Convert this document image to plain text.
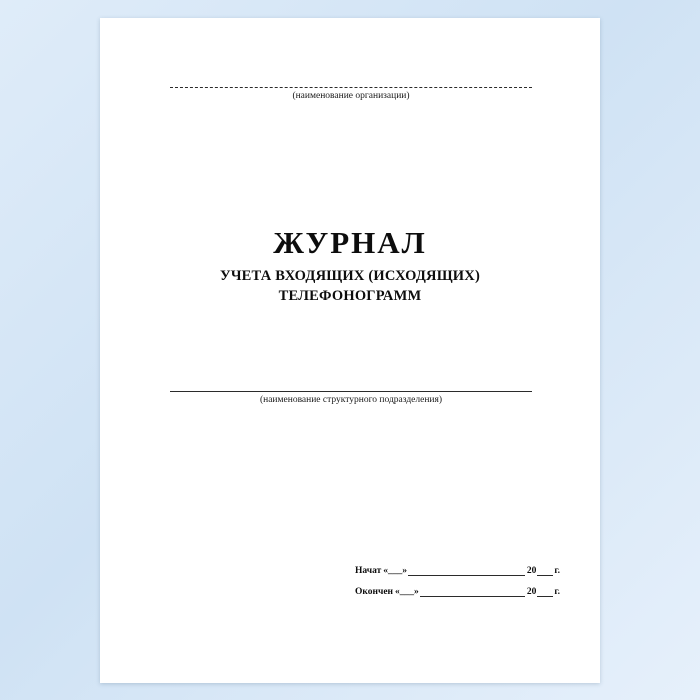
(наименование организации)
ЖУРНАЛ
УЧЕТА ВХОДЯЩИХ (ИСХОДЯЩИХ)
ТЕЛЕФОНОГРАММ
(наименование структурного подразделения)
Начат «___»	20 г.
Окончен «___»	20 г.
